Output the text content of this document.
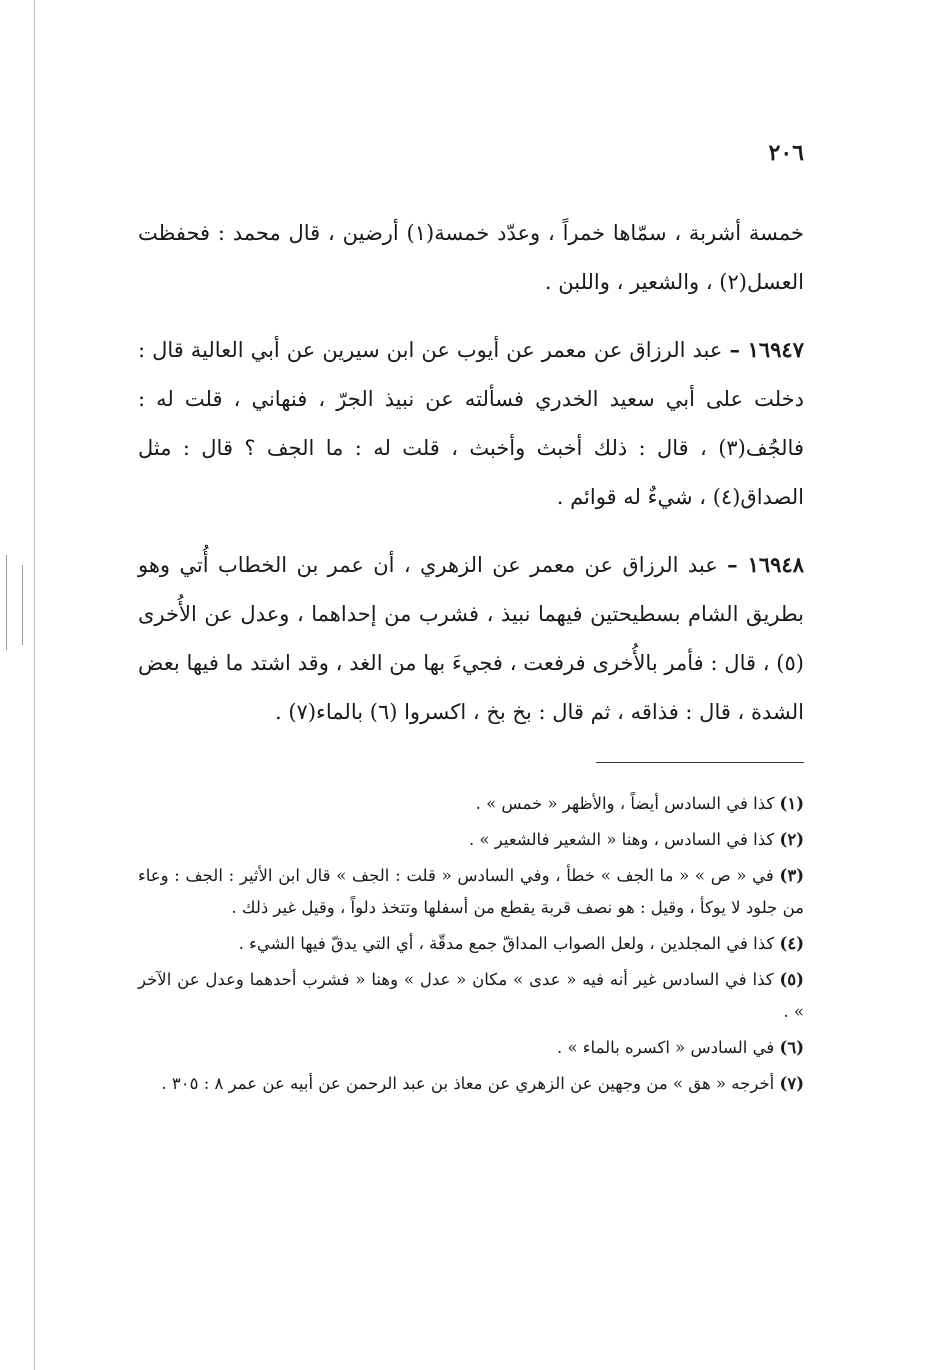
٢٠٦

خمسة أشربة ، سمّاها خمراً ، وعدّد خمسة(١) أرضين ، قال محمد : فحفظت العسل(٢) ، والشعير ، واللبن .

١٦٩٤٧ – عبد الرزاق عن معمر عن أيوب عن ابن سيرين عن أبي العالية قال : دخلت على أبي سعيد الخدري فسألته عن نبيذ الجرّ ، فنهاني ، قلت له : فالجُف(٣) ، قال : ذلك أخبث وأخبث ، قلت له : ما الجف ؟ قال : مثل الصداق(٤) ، شيءٌ له قوائم .

١٦٩٤٨ – عبد الرزاق عن معمر عن الزهري ، أن عمر بن الخطاب أُتي وهو بطريق الشام بسطيحتين فيهما نبيذ ، فشرب من إحداهما ، وعدل عن الأُخرى (٥) ، قال : فأمر بالأُخرى فرفعت ، فجيءَ بها من الغد ، وقد اشتد ما فيها بعض الشدة ، قال : فذاقه ، ثم قال : بخ بخ ، اكسروا (٦) بالماء(٧) .

(١) كذا في السادس أيضاً ، والأظهر « خمس » .

(٢) كذا في السادس ، وهنا « الشعير فالشعير » .

(٣) في « ص » « ما الجف » خطأ ، وفي السادس « قلت : الجف » قال ابن الأثير : الجف : وعاء من جلود لا يوكأ ، وقيل : هو نصف قربة يقطع من أسفلها وتتخذ دلواً ، وقيل غير ذلك .

(٤) كذا في المجلدين ، ولعل الصواب المداقّ جمع مدقّة ، أي التي يدقّ فيها الشيء .

(٥) كذا في السادس غير أنه فيه « عدى » مكان « عدل » وهنا « فشرب أحدهما وعدل عن الآخر » .

(٦) في السادس « اكسره بالماء » .

(٧) أخرجه « هق » من وجهين عن الزهري عن معاذ بن عبد الرحمن عن أبيه عن عمر ٨ : ٣٠٥ .
